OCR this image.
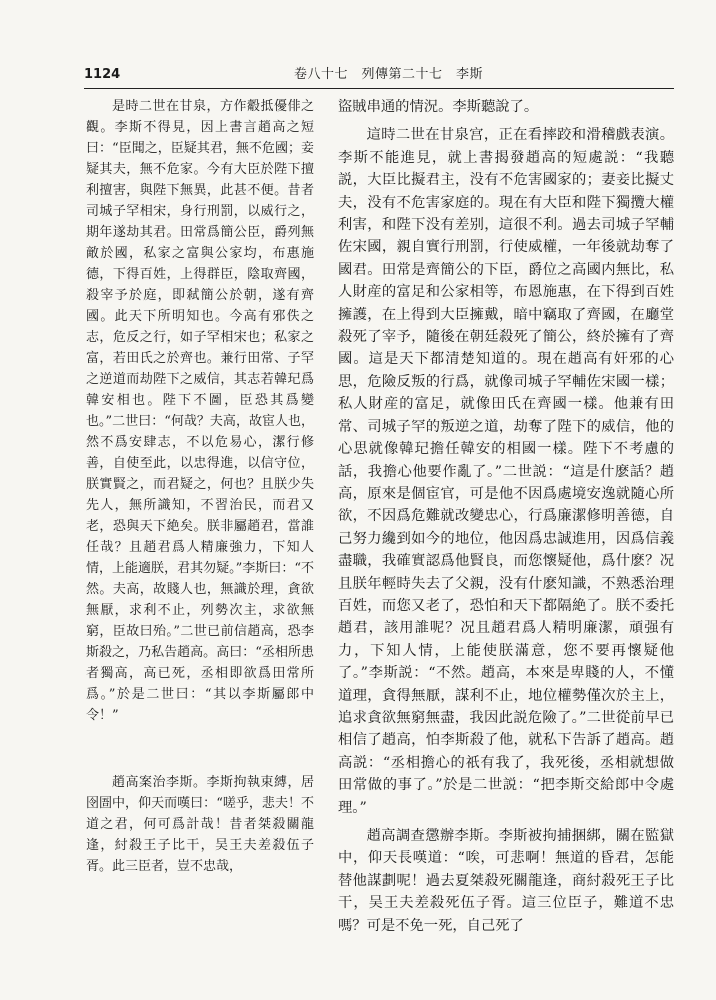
1124	卷八十七　列傳第二十七　李斯

是時二世在甘泉，方作觳抵優俳之觀。李斯不得見，因上書言趙高之短曰：“臣聞之，臣疑其君，無不危國；妾疑其夫，無不危家。今有大臣於陛下擅利擅害，與陛下無異，此甚不便。昔者司城子罕相宋，身行刑罰，以威行之，期年遂劫其君。田常爲簡公臣，爵列無敵於國，私家之富與公家均，布惠施德，下得百姓，上得群臣，陰取齊國，殺宰予於庭，即弒簡公於朝，遂有齊國。此天下所明知也。今高有邪佚之志，危反之行，如子罕相宋也；私家之富，若田氏之於齊也。兼行田常、子罕之逆道而劫陛下之威信，其志若韓玘爲韓安相也。陛下不圖，臣恐其爲變也。”二世曰：“何哉？夫高，故宦人也，然不爲安肆志，不以危易心，潔行修善，自使至此，以忠得進，以信守位，朕實賢之，而君疑之，何也？且朕少失先人，無所識知，不習治民，而君又老，恐與天下絶矣。朕非屬趙君，當誰任哉？且趙君爲人精廉強力，下知人情，上能適朕，君其勿疑。”李斯曰：“不然。夫高，故賤人也，無識於理，貪欲無厭，求利不止，列勢次主，求欲無窮，臣故曰殆。”二世已前信趙高，恐李斯殺之，乃私告趙高。高曰：“丞相所患者獨高，高已死，丞相即欲爲田常所爲。”於是二世曰：“其以李斯屬郎中令！”

趙高案治李斯。李斯拘執束縛，居囹圄中，仰天而嘆曰：“嗟乎，悲夫！不道之君，何可爲計哉！昔者桀殺關龍逢，紂殺王子比干，吴王夫差殺伍子胥。此三臣者，豈不忠哉，

盜賊串通的情況。李斯聽說了。

這時二世在甘泉宫，正在看摔跤和滑稽戲表演。李斯不能進見，就上書揭發趙高的短處説：“我聽説，大臣比擬君主，没有不危害國家的；妻妾比擬丈夫，没有不危害家庭的。現在有大臣和陛下獨攬大權利害，和陛下没有差别，這很不利。過去司城子罕輔佐宋國，親自實行刑罰，行使威權，一年後就劫奪了國君。田常是齊簡公的下臣，爵位之高國内無比，私人財産的富足和公家相等，布恩施惠，在下得到百姓擁護，在上得到大臣擁戴，暗中竊取了齊國，在廳堂殺死了宰予，隨後在朝廷殺死了簡公，終於擁有了齊國。這是天下都清楚知道的。現在趙高有奸邪的心思，危險反叛的行爲，就像司城子罕輔佐宋國一樣；私人財産的富足，就像田氏在齊國一樣。他兼有田常、司城子罕的叛逆之道，劫奪了陛下的威信，他的心思就像韓玘擔任韓安的相國一樣。陛下不考慮的話，我擔心他要作亂了。”二世説：“這是什麽話？趙高，原來是個宦官，可是他不因爲處境安逸就隨心所欲，不因爲危難就改變忠心，行爲廉潔修明善德，自己努力纔到如今的地位，他因爲忠誠進用，因爲信義盡職，我確實認爲他賢良，而您懷疑他，爲什麽？况且朕年輕時失去了父親，没有什麽知識，不熟悉治理百姓，而您又老了，恐怕和天下都隔絶了。朕不委托趙君，該用誰呢？况且趙君爲人精明廉潔，頑强有力，下知人情，上能使朕滿意，您不要再懷疑他了。”李斯説：“不然。趙高，本來是卑賤的人，不懂道理，貪得無厭，謀利不止，地位權勢僅次於主上，追求貪欲無窮無盡，我因此説危險了。”二世從前早已相信了趙高，怕李斯殺了他，就私下告訴了趙高。趙高説：“丞相擔心的祇有我了，我死後，丞相就想做田常做的事了。”於是二世説：“把李斯交給郎中令處理。”

趙高調查懲辦李斯。李斯被拘捕捆綁，關在監獄中，仰天長嘆道：“唉，可悲啊！無道的昏君，怎能替他謀劃呢！過去夏桀殺死關龍逢，商紂殺死王子比干，吴王夫差殺死伍子胥。這三位臣子，難道不忠嗎？可是不免一死，自己死了
